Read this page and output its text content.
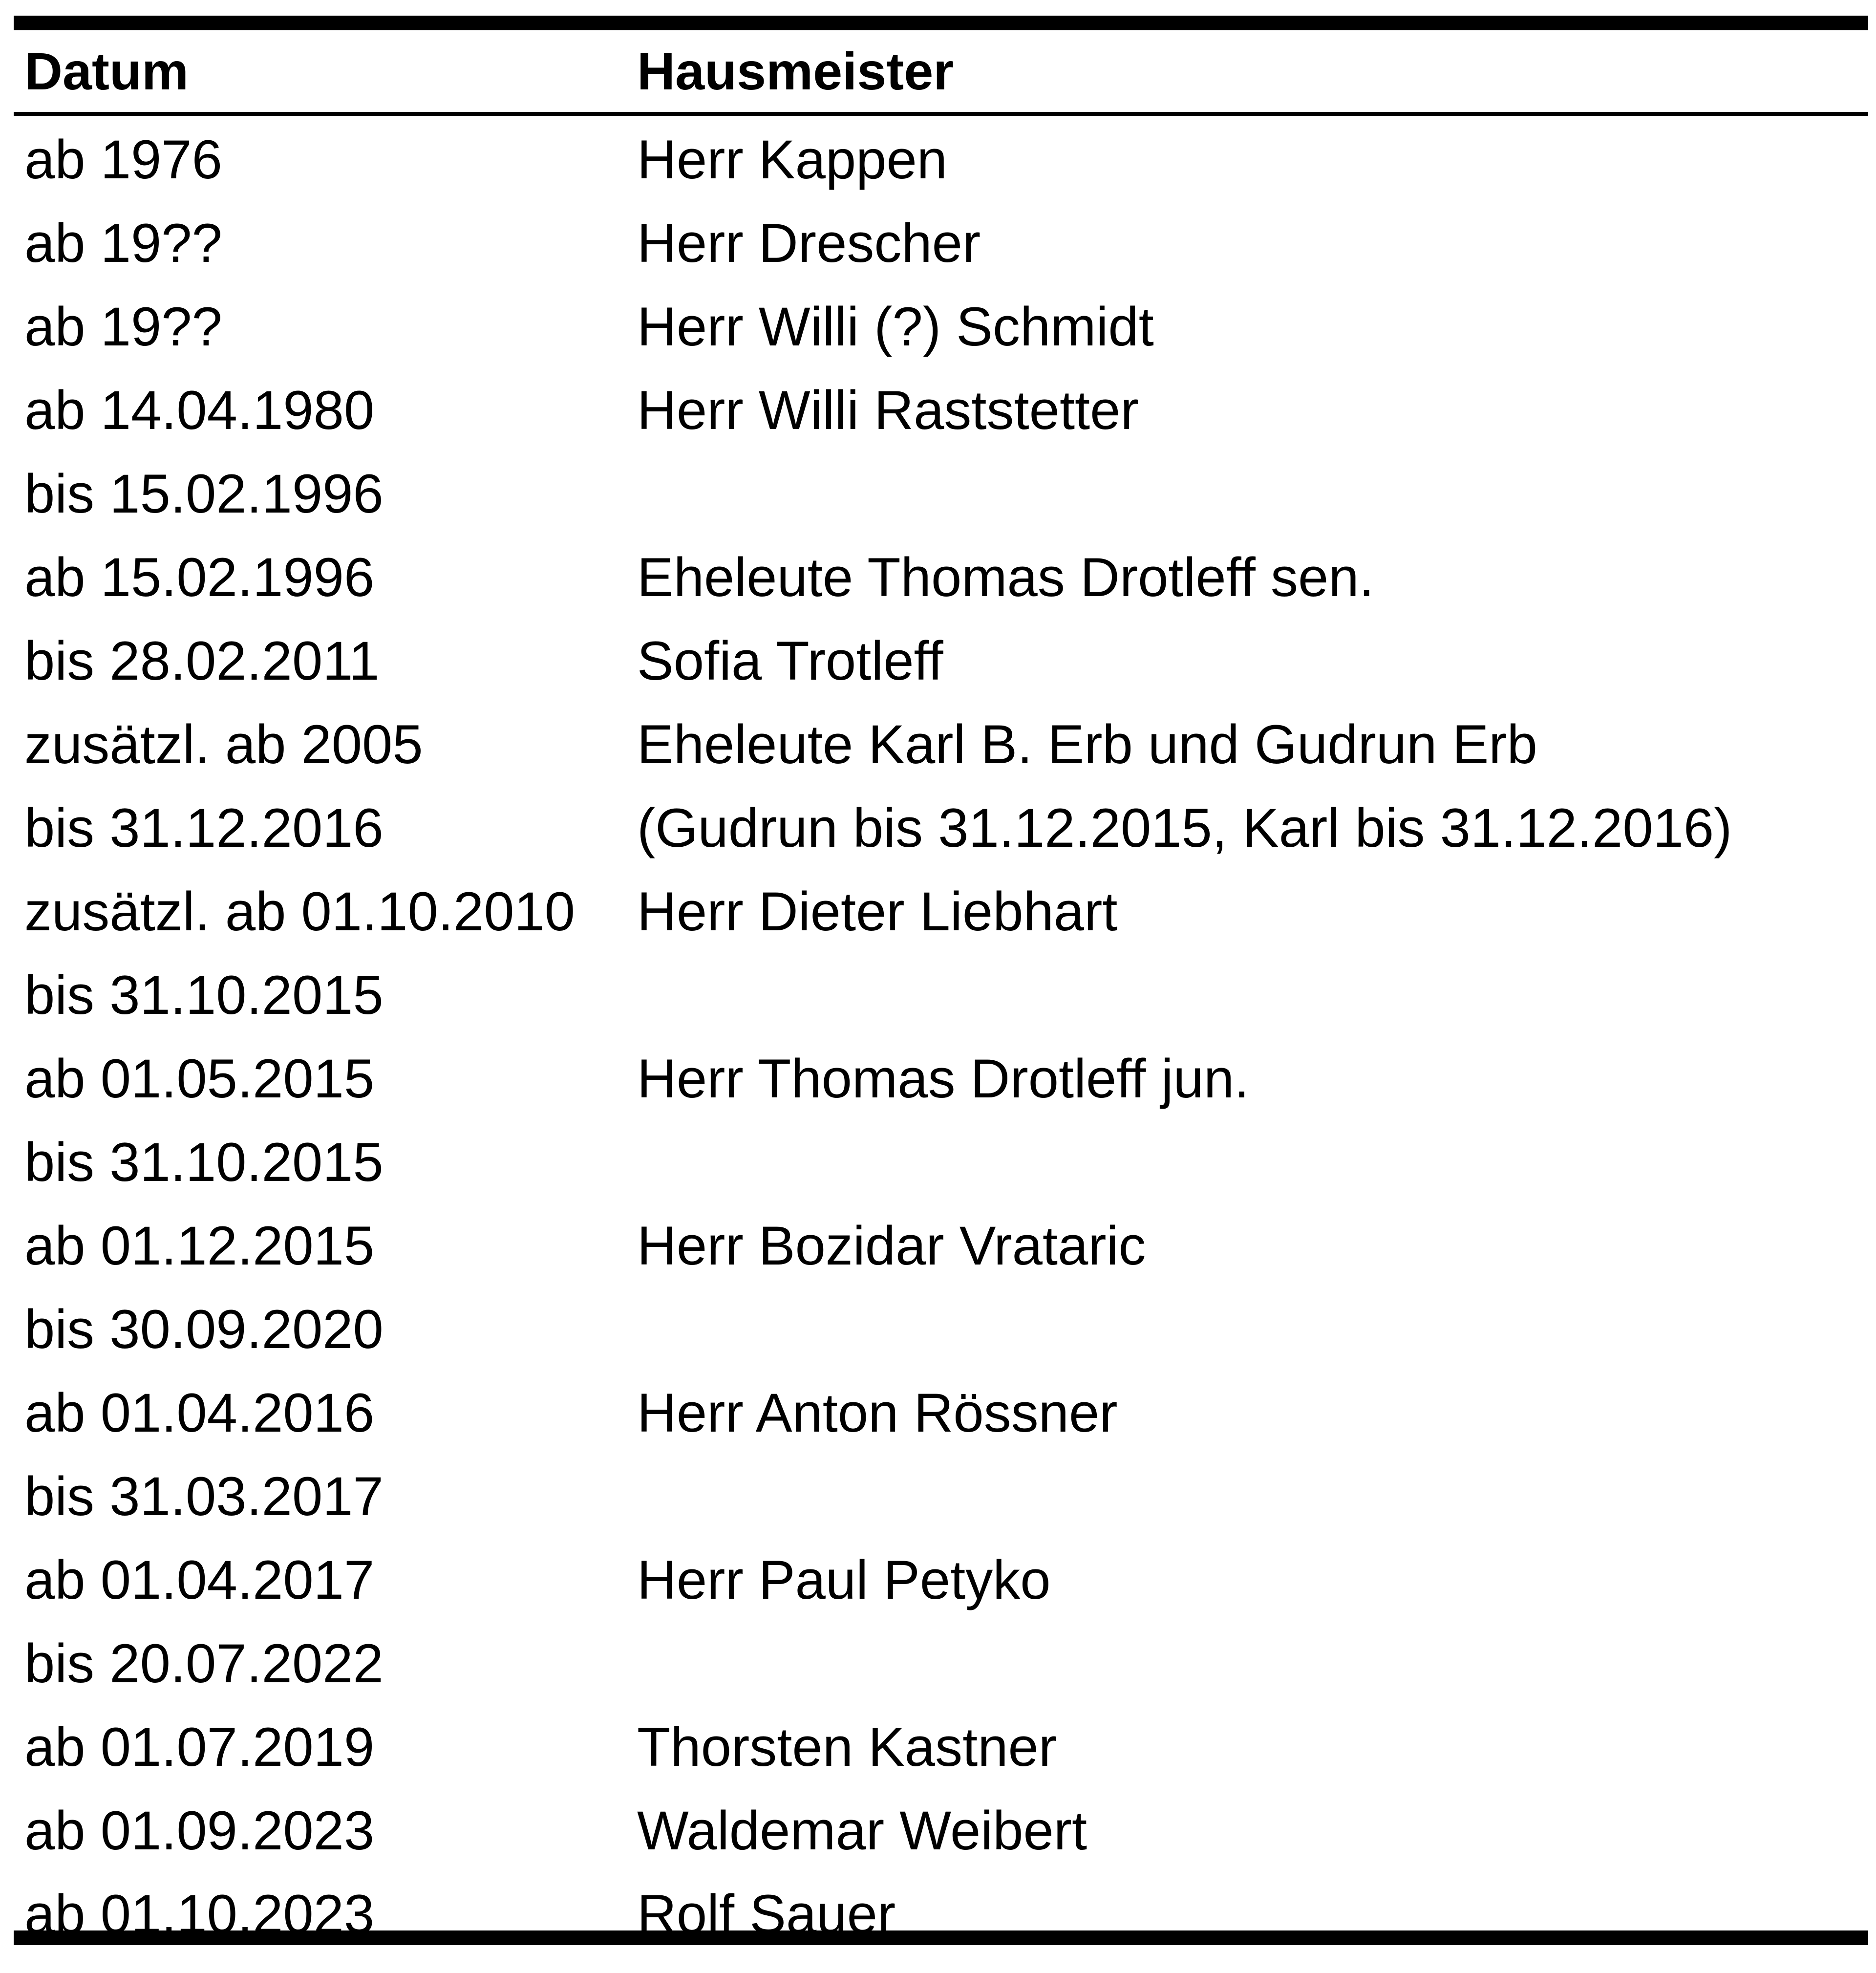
Datum	Hausmeister
ab 1976	Herr Kappen
ab 19??	Herr Drescher
ab 19??	Herr Willi (?) Schmidt
ab 14.04.1980	Herr Willi Raststetter
bis 15.02.1996
ab 15.02.1996	Eheleute Thomas Drotleff sen.
bis 28.02.2011	Sofia Trotleff
zusätzl. ab 2005	Eheleute Karl B. Erb und Gudrun Erb
bis 31.12.2016	(Gudrun bis 31.12.2015, Karl bis 31.12.2016)
zusätzl. ab 01.10.2010	Herr Dieter Liebhart
bis 31.10.2015
ab 01.05.2015	Herr Thomas Drotleff jun.
bis 31.10.2015
ab 01.12.2015	Herr Bozidar Vrataric
bis 30.09.2020
ab 01.04.2016	Herr Anton Rössner
bis 31.03.2017
ab 01.04.2017	Herr Paul Petyko
bis 20.07.2022
ab 01.07.2019	Thorsten Kastner
ab 01.09.2023	Waldemar Weibert
ab 01.10.2023	Rolf Sauer
